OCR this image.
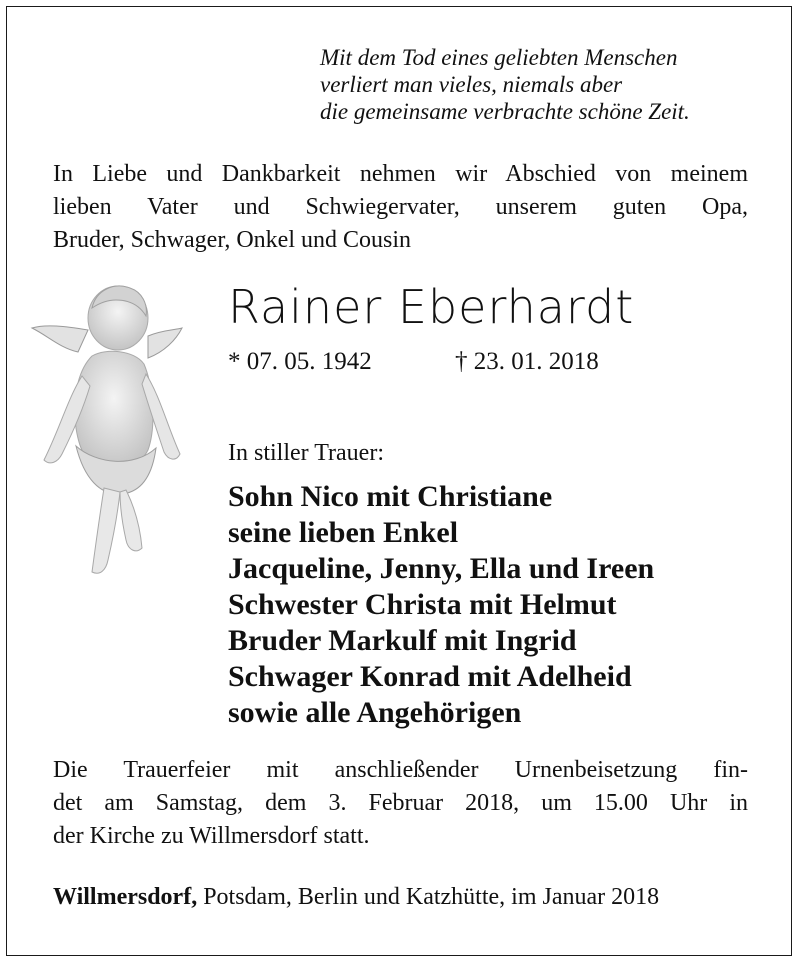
Mit dem Tod eines geliebten Menschen
verliert man vieles, niemals aber
die gemeinsame verbrachte schöne Zeit.
In Liebe und Dankbarkeit nehmen wir Abschied von meinem
lieben Vater und Schwiegervater, unserem guten Opa,
Bruder, Schwager, Onkel und Cousin
Rainer Eberhardt
* 07. 05. 1942	† 23. 01. 2018
In stiller Trauer:
Sohn Nico mit Christiane
seine lieben Enkel
Jacqueline, Jenny, Ella und Ireen
Schwester Christa mit Helmut
Bruder Markulf mit Ingrid
Schwager Konrad mit Adelheid
sowie alle Angehörigen
Die Trauerfeier mit anschließender Urnenbeisetzung fin-
det am Samstag, dem 3. Februar 2018, um 15.00 Uhr in
der Kirche zu Willmersdorf statt.
Willmersdorf, Potsdam, Berlin und Katzhütte, im Januar 2018
